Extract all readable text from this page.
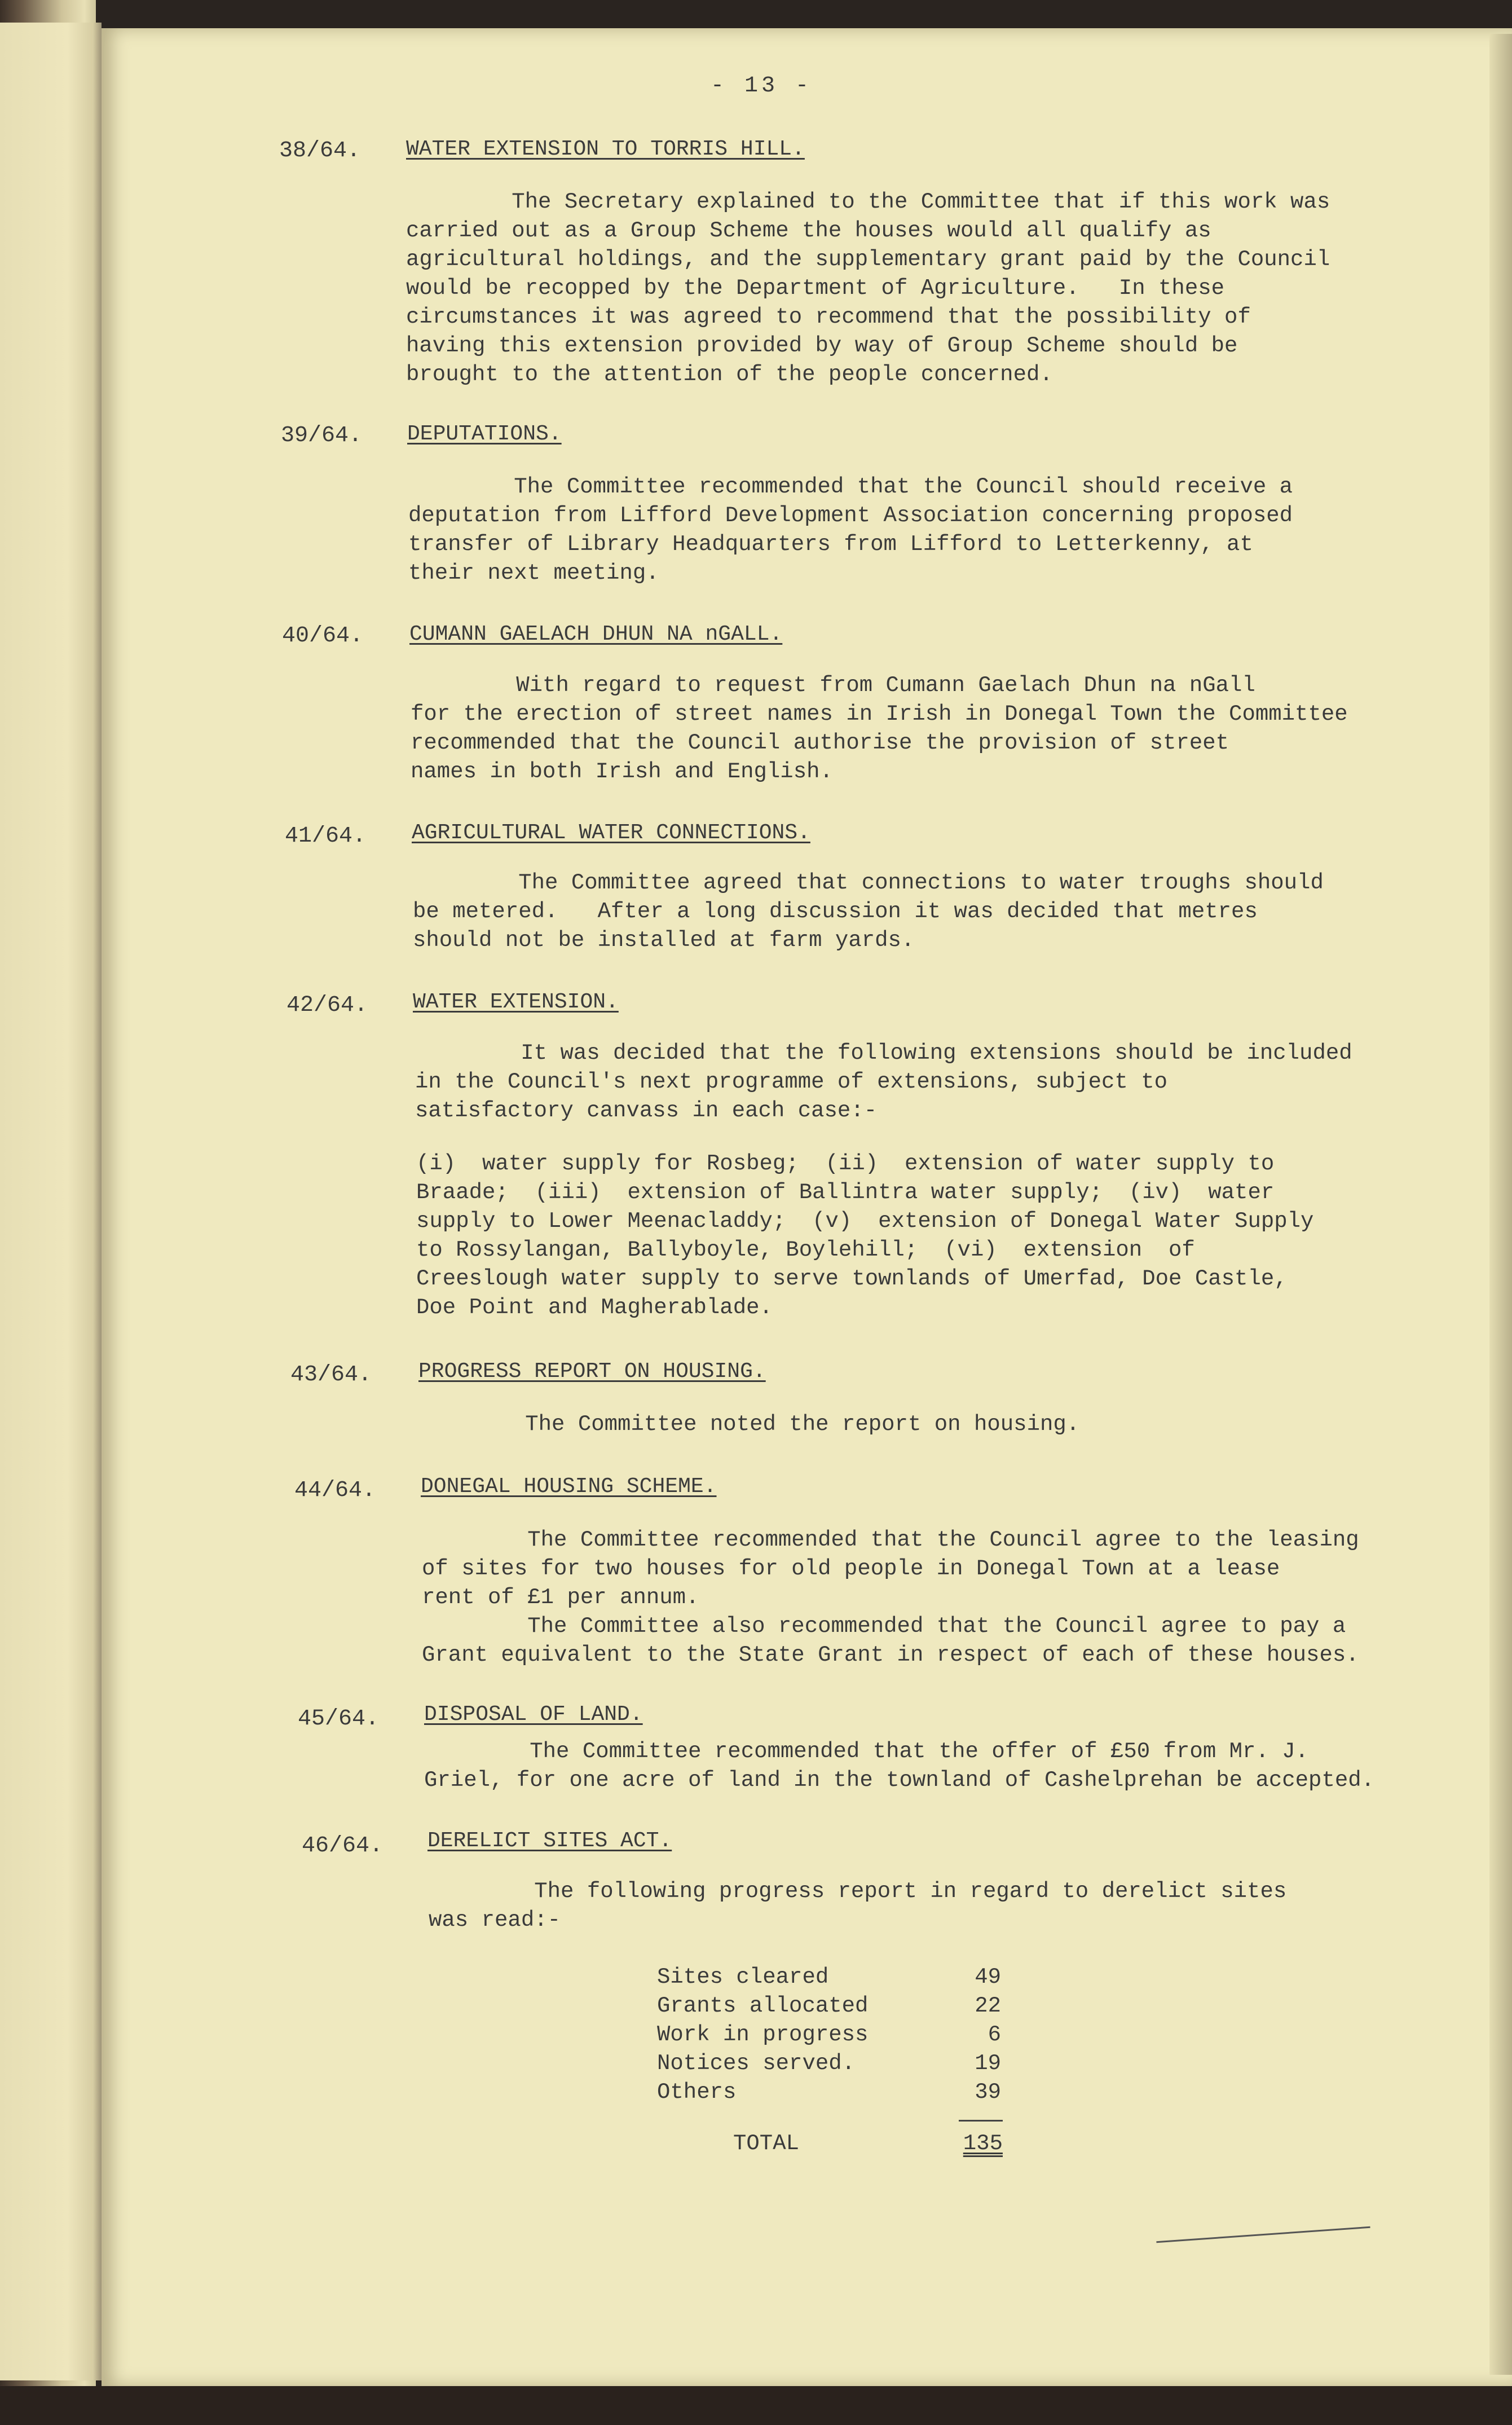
- 13 -
38/64. WATER EXTENSION TO TORRIS HILL.
The Secretary explained to the Committee that if this work was
carried out as a Group Scheme the houses would all qualify as
agricultural holdings, and the supplementary grant paid by the Council
would be recopped by the Department of Agriculture.   In these
circumstances it was agreed to recommend that the possibility of
having this extension provided by way of Group Scheme should be
brought to the attention of the people concerned.
39/64. DEPUTATIONS.
The Committee recommended that the Council should receive a
deputation from Lifford Development Association concerning proposed
transfer of Library Headquarters from Lifford to Letterkenny, at
their next meeting.
40/64. CUMANN GAELACH DHUN NA nGALL.
With regard to request from Cumann Gaelach Dhun na nGall
for the erection of street names in Irish in Donegal Town the Committee
recommended that the Council authorise the provision of street
names in both Irish and English.
41/64. AGRICULTURAL WATER CONNECTIONS.
The Committee agreed that connections to water troughs should
be metered.   After a long discussion it was decided that metres
should not be installed at farm yards.
42/64. WATER EXTENSION.
It was decided that the following extensions should be included
in the Council's next programme of extensions, subject to
satisfactory canvass in each case:-
(i)  water supply for Rosbeg;  (ii)  extension of water supply to
Braade;  (iii)  extension of Ballintra water supply;  (iv)  water
supply to Lower Meenacladdy;  (v)  extension of Donegal Water Supply
to Rossylangan, Ballyboyle, Boylehill;  (vi)  extension  of
Creeslough water supply to serve townlands of Umerfad, Doe Castle,
Doe Point and Magherablade.
43/64. PROGRESS REPORT ON HOUSING.
The Committee noted the report on housing.
44/64. DONEGAL HOUSING SCHEME.
The Committee recommended that the Council agree to the leasing
of sites for two houses for old people in Donegal Town at a lease
rent of £1 per annum.
The Committee also recommended that the Council agree to pay a
Grant equivalent to the State Grant in respect of each of these houses.
45/64. DISPOSAL OF LAND.
The Committee recommended that the offer of £50 from Mr. J.
Griel, for one acre of land in the townland of Cashelprehan be accepted.
46/64. DERELICT SITES ACT.
The following progress report in regard to derelict sites
was read:-
Sites cleared	49
Grants allocated	22
Work in progress	6
Notices served.	19
Others	39
TOTAL	135
